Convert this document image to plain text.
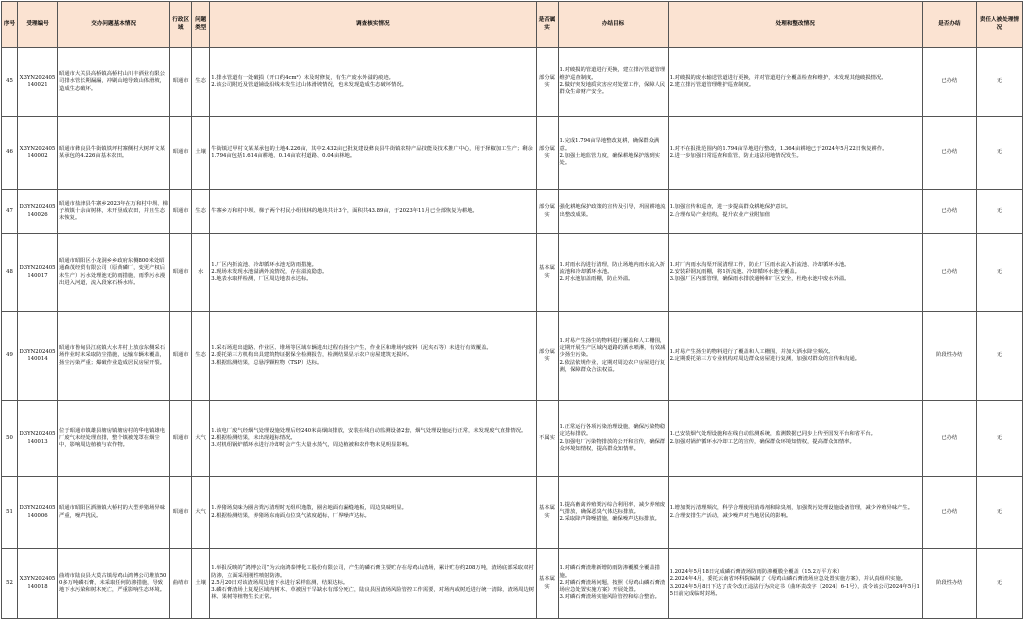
序号	受理编号	交办问题基本情况	行政区域	问题类型	调查核实情况	是否属实	办结目标	处理和整改情况	是否办结	责任人被处理情况
45	X3YN202405140021	昭通市大关县高桥镇高桥村山川丰酒业有限公司排水管长期漏漏，冲刷山地导致山体滑坡，造成生态破坏。	昭通市	生态	1.排水管道有一处破损（开口约4cm²）未及时修复，有生产废水外溢的痕迹。
2.该公司附近及管道铺设沿线未发生过山体滑坡情况，也未发现造成生态破坏情况。	部分属实	1.对破损的管道进行更换，建立排污管道管理维护巡查制度。
2.做好突发地质灾害应对处置工作，保障人民群众生命财产安全。	1.对破损的废水输送管道进行更换，并对管道进行全覆盖检查和维护，未发现其他破损情况。
2.建立排污管道管理维护巡查制度。	已办结	无
46	X3YN202405140002	昭通市彝良县牛街镇铁坪村寨侧村大树坪文某某承包的4.226亩基本农田。	昭通市	土壤	牛街镇过甲村文某某承包的土地4.226亩，其中2.432亩已批复建设彝良县牛街镇农特产品技能及技术推广中心，用于择椒加工生产；剩余1.794亩包括1.614亩耕地、0.14亩农村道路、0.04亩林地。	部分属实	1.完成1.794亩旱地整改复耕，确保群众满意。
2.加强土地监管力度，确保耕地保护落到实处。	1.对不在报批范围内的1.794亩旱地进行整改，1.364亩耕地已于2024年5月22日恢复耕作。
2.进一步加强日常巡查和监管，防止违法用地情况发生。	已办结	无
47	D3YN202405140026	昭通市盐津县牛寨乡2023年在万和村中坝、梯子坡镇十余亩树林，未开垦成农田，并且生态未恢复。	昭通市	生态	牛寨乡万和村中坝、梯子两个村民小组伐林的地块共计3个，面积共43.89亩，于2023年11月已全部恢复为耕地。	部分属实	强化耕地保护政策的宣传及引导，巩固耕地流出整改成果。	1.加强宣传和巡查，进一步提高群众耕地保护意识。
2.合理布局产业结构，提升农业产业附加值	已办结	无
48	D3YN202405140017	昭通市昭阳区小龙洞乡乡政府东侧800米处昭通森茂经贸有限公司（原黄磷厂，变更产权后未生产）污水处理池无防雨措施，雨季污水漫出进入河道，流入段家石桥水库。	昭通市	水	1.厂区内折流池、冷却循环水池无防雨措施。
2.现场未发现水池溢满外流情况，存在溢流隐患。
3.地表水取样检测，厂区周边地表水达标。	基本属实	1.对雨水沟进行清理，防止场地内雨水流入折流池和冷却循环水池。
2.对水池加盖雨棚，防止外溢。	1.对厂内雨水沟渠开展清理工作，防止厂区雨水流入折流池、冷却循环水池。
2.安装彩钢瓦雨棚，将1折流池、冷却循环水池全覆盖。
3.加强厂区内部管理，确保雨水排放通畅和厂区安全，杜绝水池中废水外溢。	已办结	无
49	D3YN202405140014	昭通市鲁甸县江底镇大水井村上放彦东侧采石场作业时未采取防尘措施，运输车辆未覆盖，扬尘污染严重；爆破作业造成居民房屋开裂。	昭通市	生态	1.采石场进出道路、作业区、堆场等区域车辆进出过程有扬尘产生，作业区和堆场内废料（泥夹石等）未进行有效覆盖。
2.委托第三方机构出具建筑物证据保全检测报告，检测结果显示农户房屋建筑无损坏。
3.根据监测结果，总悬浮颗粒物（TSP）达标。	部分属实	1.对易产生扬尘的物料进行覆盖和人工栅围，定期开展生产区域内道路的洒水喷淋，有效减少扬尘污染。
2.依法依规作业，定期对周边农户房屋进行复测，保障群众合法权益。	1.对易产生扬尘的物料进行了覆盖和人工栅围，并加大洒水降尘频次。
2.定期委托第三方专业机构对周边群众房屋进行复测，加强对群众的宣传和沟通。	阶段性办结	无
50	D3YN202405140013	位于昭通市镇雄县塘房镇塘房村的华电镇雄电厂废气未经处理直排，整个镇被笼罩在烟尘中，影响周边植被与农作物。	昭通市	大气	1.该电厂废气经烟气处理设施处理后经240米高烟囱排放，安装在线自动监测设备2套，烟气处理设施运行正常，未发现废气直排情况。
2.根据检测结果，未出现超标情况。
3.对机组锅炉循环水进行冷却时会产生大量水蒸气，周边植被和农作物未见明显影响。	不属实	1.正常运行各项污染治理设施，确保污染物稳定达标排放。
2.加强电厂污染物排放的公开和宣传，确保群众环境知情权，提高群众知情率。	1.已安装烟气处理设施和在线自动监测系统，监测数据已同步上传至国发平台和省平台。
2.加强对锅炉循环水冷却工艺的宣传，确保群众环境知情权，提高群众知情率。	已办结	无
51	D3YN202405140006	昭通市昭阳区洒渔镇大桥村的大型养猪场异味严重，噪声扰民。	昭通市	大气	1.养猪场臭味为圈舍粪污清理时无组织逸散，圈舍地面有漏缝地板，周边臭味明显。
2.根据检测结果，养猪场东南面点位臭气浓度超标，厂界噪声达标。	基本属实	1.提高畜禽养殖粪污综合利用率，减少养殖废气排放，确保恶臭气体达标排放。
2.采取降声降噪措施，确保噪声达标排放。	1.增加粪污清理频次，科学合理使用消毒剂和除臭剂，加强粪污处理设施设备管理，减少养殖异味产生。
2.合理安排生产活动，减少噪声对当地居民的影响。	已办结	无
52	X3YN202405140018	曲靖市陆良县大莫古镇母鸡山鸿博公司堆放500多万吨磷石膏，未采取任何防渗措施，导致地下水污染和树木死亡，严重影响生态环境。	曲靖市	土壤	1.举报反映的“鸿博公司”为云南鸿泰博化工股份有限公司，产生的磷石膏主要贮存在母鸡山渣场，累计贮存约208万吨，渣场底部采取双衬防渗，立面采用刚性喷射防渗。
2.5月20日对该渣场周边地下水进行采样监测，结果达标。
3.磷石膏渣场上复堤区域内树木、草被因干旱缺水有部分死亡，陆良县因渣场风险管控工作需要，对场内或树近进行统一清除，渣场周边树林、果树等植物生长正常。	基本属实	1.对磷石膏渣堆新增防雨防渗覆膜全覆盖措施。
2.对磷石膏渣场问题，按照《母鸡山磷石膏渣场应急处置实施方案》开展处置。
3.对磷石膏渣场实施风险管控和综合整治。	1.2024年5月18日完成磷石膏渣场防雨防渗覆膜全覆盖（15.2万平方米）
2.2024年4月，委托云南省环科院编制了《母鸡山磷石膏渣场应急处置实施方案》，并认真组织实施。
3.2024年5月8日下达了责令改正违法行为决定书（曲环责改字〔2024〕6-1号），责令该公司2024年5月15日前完成临时封场。	阶段性办结	无
